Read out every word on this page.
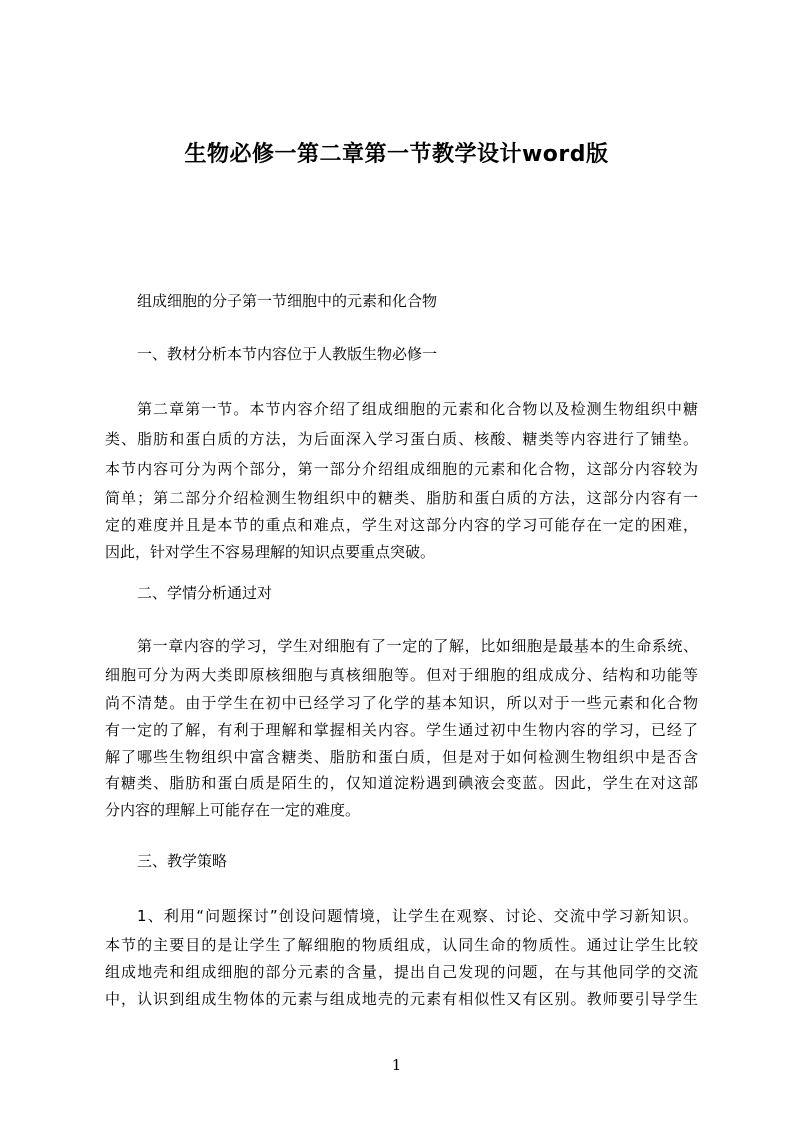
生物必修一第二章第一节教学设计word版
组成细胞的分子第一节细胞中的元素和化合物
一、教材分析本节内容位于人教版生物必修一
第二章第一节。本节内容介绍了组成细胞的元素和化合物以及检测生物组织中糖
类、脂肪和蛋白质的方法，为后面深入学习蛋白质、核酸、糖类等内容进行了铺垫。
本节内容可分为两个部分，第一部分介绍组成细胞的元素和化合物，这部分内容较为
简单；第二部分介绍检测生物组织中的糖类、脂肪和蛋白质的方法，这部分内容有一
定的难度并且是本节的重点和难点，学生对这部分内容的学习可能存在一定的困难，
因此，针对学生不容易理解的知识点要重点突破。
二、学情分析通过对
第一章内容的学习，学生对细胞有了一定的了解，比如细胞是最基本的生命系统、
细胞可分为两大类即原核细胞与真核细胞等。但对于细胞的组成成分、结构和功能等
尚不清楚。由于学生在初中已经学习了化学的基本知识，所以对于一些元素和化合物
有一定的了解，有利于理解和掌握相关内容。学生通过初中生物内容的学习，已经了
解了哪些生物组织中富含糖类、脂肪和蛋白质，但是对于如何检测生物组织中是否含
有糖类、脂肪和蛋白质是陌生的，仅知道淀粉遇到碘液会变蓝。因此，学生在对这部
分内容的理解上可能存在一定的难度。
三、教学策略
1、利用“问题探讨”创设问题情境，让学生在观察、讨论、交流中学习新知识。
本节的主要目的是让学生了解细胞的物质组成，认同生命的物质性。通过让学生比较
组成地壳和组成细胞的部分元素的含量，提出自己发现的问题，在与其他同学的交流
中，认识到组成生物体的元素与组成地壳的元素有相似性又有区别。教师要引导学生
1
